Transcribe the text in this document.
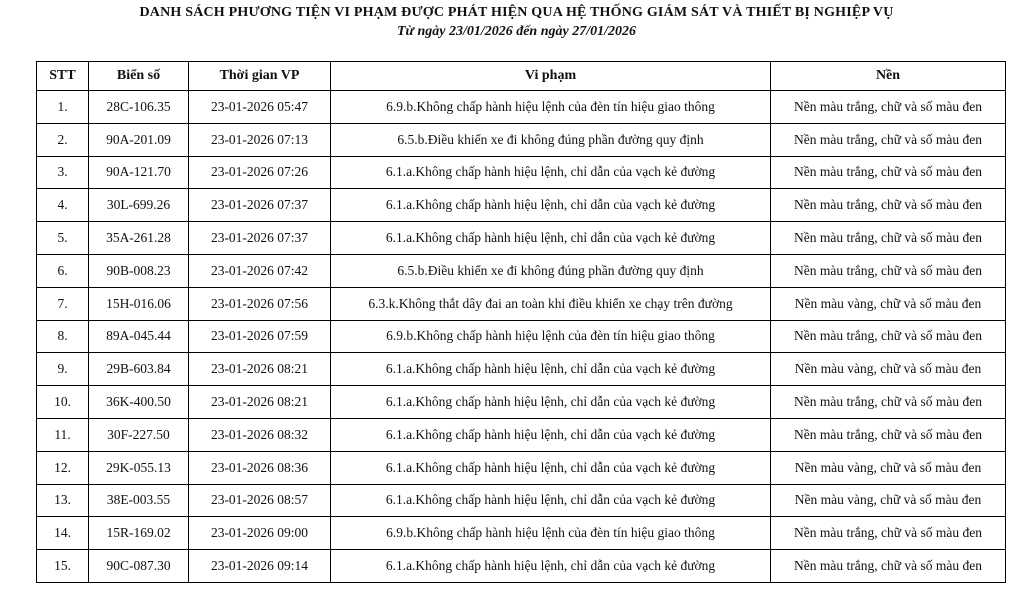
DANH SÁCH PHƯƠNG TIỆN VI PHẠM ĐƯỢC PHÁT HIỆN QUA HỆ THỐNG GIÁM SÁT VÀ THIẾT BỊ NGHIỆP VỤ
Từ ngày 23/01/2026 đến ngày 27/01/2026
STT	Biển số	Thời gian VP	Vi phạm	Nền
1.	28C-106.35	23-01-2026 05:47	6.9.b.Không chấp hành hiệu lệnh của đèn tín hiệu giao thông	Nền màu trắng, chữ và số màu đen
2.	90A-201.09	23-01-2026 07:13	6.5.b.Điều khiển xe đi không đúng phần đường quy định	Nền màu trắng, chữ và số màu đen
3.	90A-121.70	23-01-2026 07:26	6.1.a.Không chấp hành hiệu lệnh, chỉ dẫn của vạch kẻ đường	Nền màu trắng, chữ và số màu đen
4.	30L-699.26	23-01-2026 07:37	6.1.a.Không chấp hành hiệu lệnh, chỉ dẫn của vạch kẻ đường	Nền màu trắng, chữ và số màu đen
5.	35A-261.28	23-01-2026 07:37	6.1.a.Không chấp hành hiệu lệnh, chỉ dẫn của vạch kẻ đường	Nền màu trắng, chữ và số màu đen
6.	90B-008.23	23-01-2026 07:42	6.5.b.Điều khiển xe đi không đúng phần đường quy định	Nền màu trắng, chữ và số màu đen
7.	15H-016.06	23-01-2026 07:56	6.3.k.Không thắt dây đai an toàn khi điều khiển xe chạy trên đường	Nền màu vàng, chữ và số màu đen
8.	89A-045.44	23-01-2026 07:59	6.9.b.Không chấp hành hiệu lệnh của đèn tín hiệu giao thông	Nền màu trắng, chữ và số màu đen
9.	29B-603.84	23-01-2026 08:21	6.1.a.Không chấp hành hiệu lệnh, chỉ dẫn của vạch kẻ đường	Nền màu vàng, chữ và số màu đen
10.	36K-400.50	23-01-2026 08:21	6.1.a.Không chấp hành hiệu lệnh, chỉ dẫn của vạch kẻ đường	Nền màu trắng, chữ và số màu đen
11.	30F-227.50	23-01-2026 08:32	6.1.a.Không chấp hành hiệu lệnh, chỉ dẫn của vạch kẻ đường	Nền màu trắng, chữ và số màu đen
12.	29K-055.13	23-01-2026 08:36	6.1.a.Không chấp hành hiệu lệnh, chỉ dẫn của vạch kẻ đường	Nền màu vàng, chữ và số màu đen
13.	38E-003.55	23-01-2026 08:57	6.1.a.Không chấp hành hiệu lệnh, chỉ dẫn của vạch kẻ đường	Nền màu vàng, chữ và số màu đen
14.	15R-169.02	23-01-2026 09:00	6.9.b.Không chấp hành hiệu lệnh của đèn tín hiệu giao thông	Nền màu trắng, chữ và số màu đen
15.	90C-087.30	23-01-2026 09:14	6.1.a.Không chấp hành hiệu lệnh, chỉ dẫn của vạch kẻ đường	Nền màu trắng, chữ và số màu đen
